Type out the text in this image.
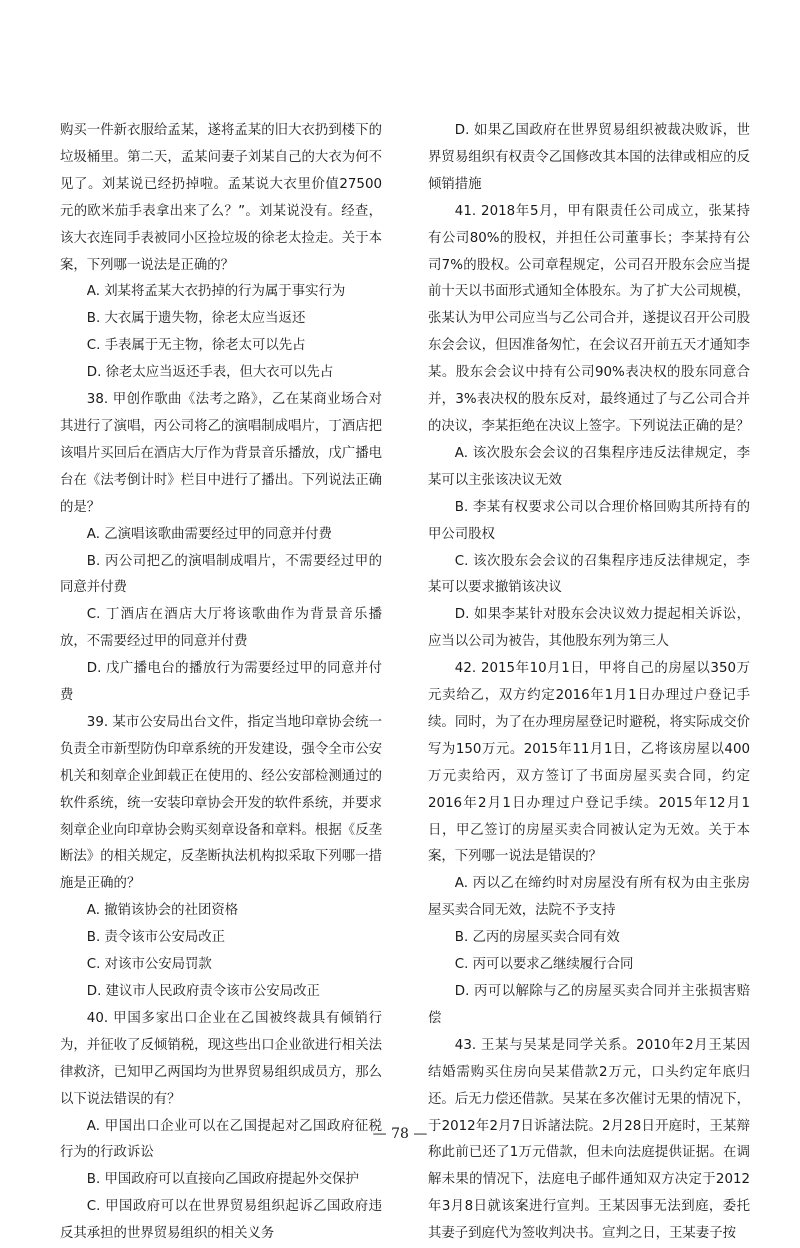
购买一件新衣服给孟某，遂将孟某的旧大衣扔到楼下的垃圾桶里。第二天，孟某问妻子刘某自己的大衣为何不见了。刘某说已经扔掉啦。孟某说大衣里价值27500元的欧米茄手表拿出来了么？”。刘某说没有。经查，该大衣连同手表被同小区捡垃圾的徐老太捡走。关于本案，下列哪一说法是正确的？

A. 刘某将孟某大衣扔掉的行为属于事实行为

B. 大衣属于遗失物，徐老太应当返还

C. 手表属于无主物，徐老太可以先占

D. 徐老太应当返还手表，但大衣可以先占

38. 甲创作歌曲《法考之路》，乙在某商业场合对其进行了演唱，丙公司将乙的演唱制成唱片，丁酒店把该唱片买回后在酒店大厅作为背景音乐播放，戊广播电台在《法考倒计时》栏目中进行了播出。下列说法正确的是？

A. 乙演唱该歌曲需要经过甲的同意并付费

B. 丙公司把乙的演唱制成唱片，不需要经过甲的同意并付费

C. 丁酒店在酒店大厅将该歌曲作为背景音乐播放，不需要经过甲的同意并付费

D. 戊广播电台的播放行为需要经过甲的同意并付费

39. 某市公安局出台文件，指定当地印章协会统一负责全市新型防伪印章系统的开发建设，强令全市公安机关和刻章企业卸载正在使用的、经公安部检测通过的软件系统，统一安装印章协会开发的软件系统，并要求刻章企业向印章协会购买刻章设备和章料。根据《反垄断法》的相关规定，反垄断执法机构拟采取下列哪一措施是正确的？

A. 撤销该协会的社团资格

B. 责令该市公安局改正

C. 对该市公安局罚款

D. 建议市人民政府责令该市公安局改正

40. 甲国多家出口企业在乙国被终裁具有倾销行为，并征收了反倾销税，现这些出口企业欲进行相关法律救济，已知甲乙两国均为世界贸易组织成员方，那么以下说法错误的有？

A. 甲国出口企业可以在乙国提起对乙国政府征税行为的行政诉讼

B. 甲国政府可以直接向乙国政府提起外交保护

C. 甲国政府可以在世界贸易组织起诉乙国政府违反其承担的世界贸易组织的相关义务

D. 如果乙国政府在世界贸易组织被裁决败诉，世界贸易组织有权责令乙国修改其本国的法律或相应的反倾销措施

41. 2018年5月，甲有限责任公司成立，张某持有公司80%的股权，并担任公司董事长；李某持有公司7%的股权。公司章程规定，公司召开股东会应当提前十天以书面形式通知全体股东。为了扩大公司规模，张某认为甲公司应当与乙公司合并，遂提议召开公司股东会会议，但因准备匆忙，在会议召开前五天才通知李某。股东会会议中持有公司90%表决权的股东同意合并，3%表决权的股东反对，最终通过了与乙公司合并的决议，李某拒绝在决议上签字。下列说法正确的是？

A. 该次股东会会议的召集程序违反法律规定，李某可以主张该决议无效

B. 李某有权要求公司以合理价格回购其所持有的甲公司股权

C. 该次股东会会议的召集程序违反法律规定，李某可以要求撤销该决议

D. 如果李某针对股东会决议效力提起相关诉讼，应当以公司为被告，其他股东列为第三人

42. 2015年10月1日，甲将自己的房屋以350万元卖给乙，双方约定2016年1月1日办理过户登记手续。同时，为了在办理房屋登记时避税，将实际成交价写为150万元。2015年11月1日，乙将该房屋以400万元卖给丙，双方签订了书面房屋买卖合同，约定2016年2月1日办理过户登记手续。2015年12月1日，甲乙签订的房屋买卖合同被认定为无效。关于本案，下列哪一说法是错误的？

A. 丙以乙在缔约时对房屋没有所有权为由主张房屋买卖合同无效，法院不予支持

B. 乙丙的房屋买卖合同有效

C. 丙可以要求乙继续履行合同

D. 丙可以解除与乙的房屋买卖合同并主张损害赔偿

43. 王某与吴某是同学关系。2010年2月王某因结婚需购买住房向吴某借款2万元，口头约定年底归还。后无力偿还借款。吴某在多次催讨无果的情况下，于2012年2月7日诉諸法院。2月28日开庭时，王某辩称此前已还了1万元借款，但未向法庭提供证据。在调解未果的情况下，法庭电子邮件通知双方决定于2012年3月8日就该案进行宣判。王某因事无法到庭，委托其妻子到庭代为签收判决书。宣判之日，王某妻子按

— 78 —
